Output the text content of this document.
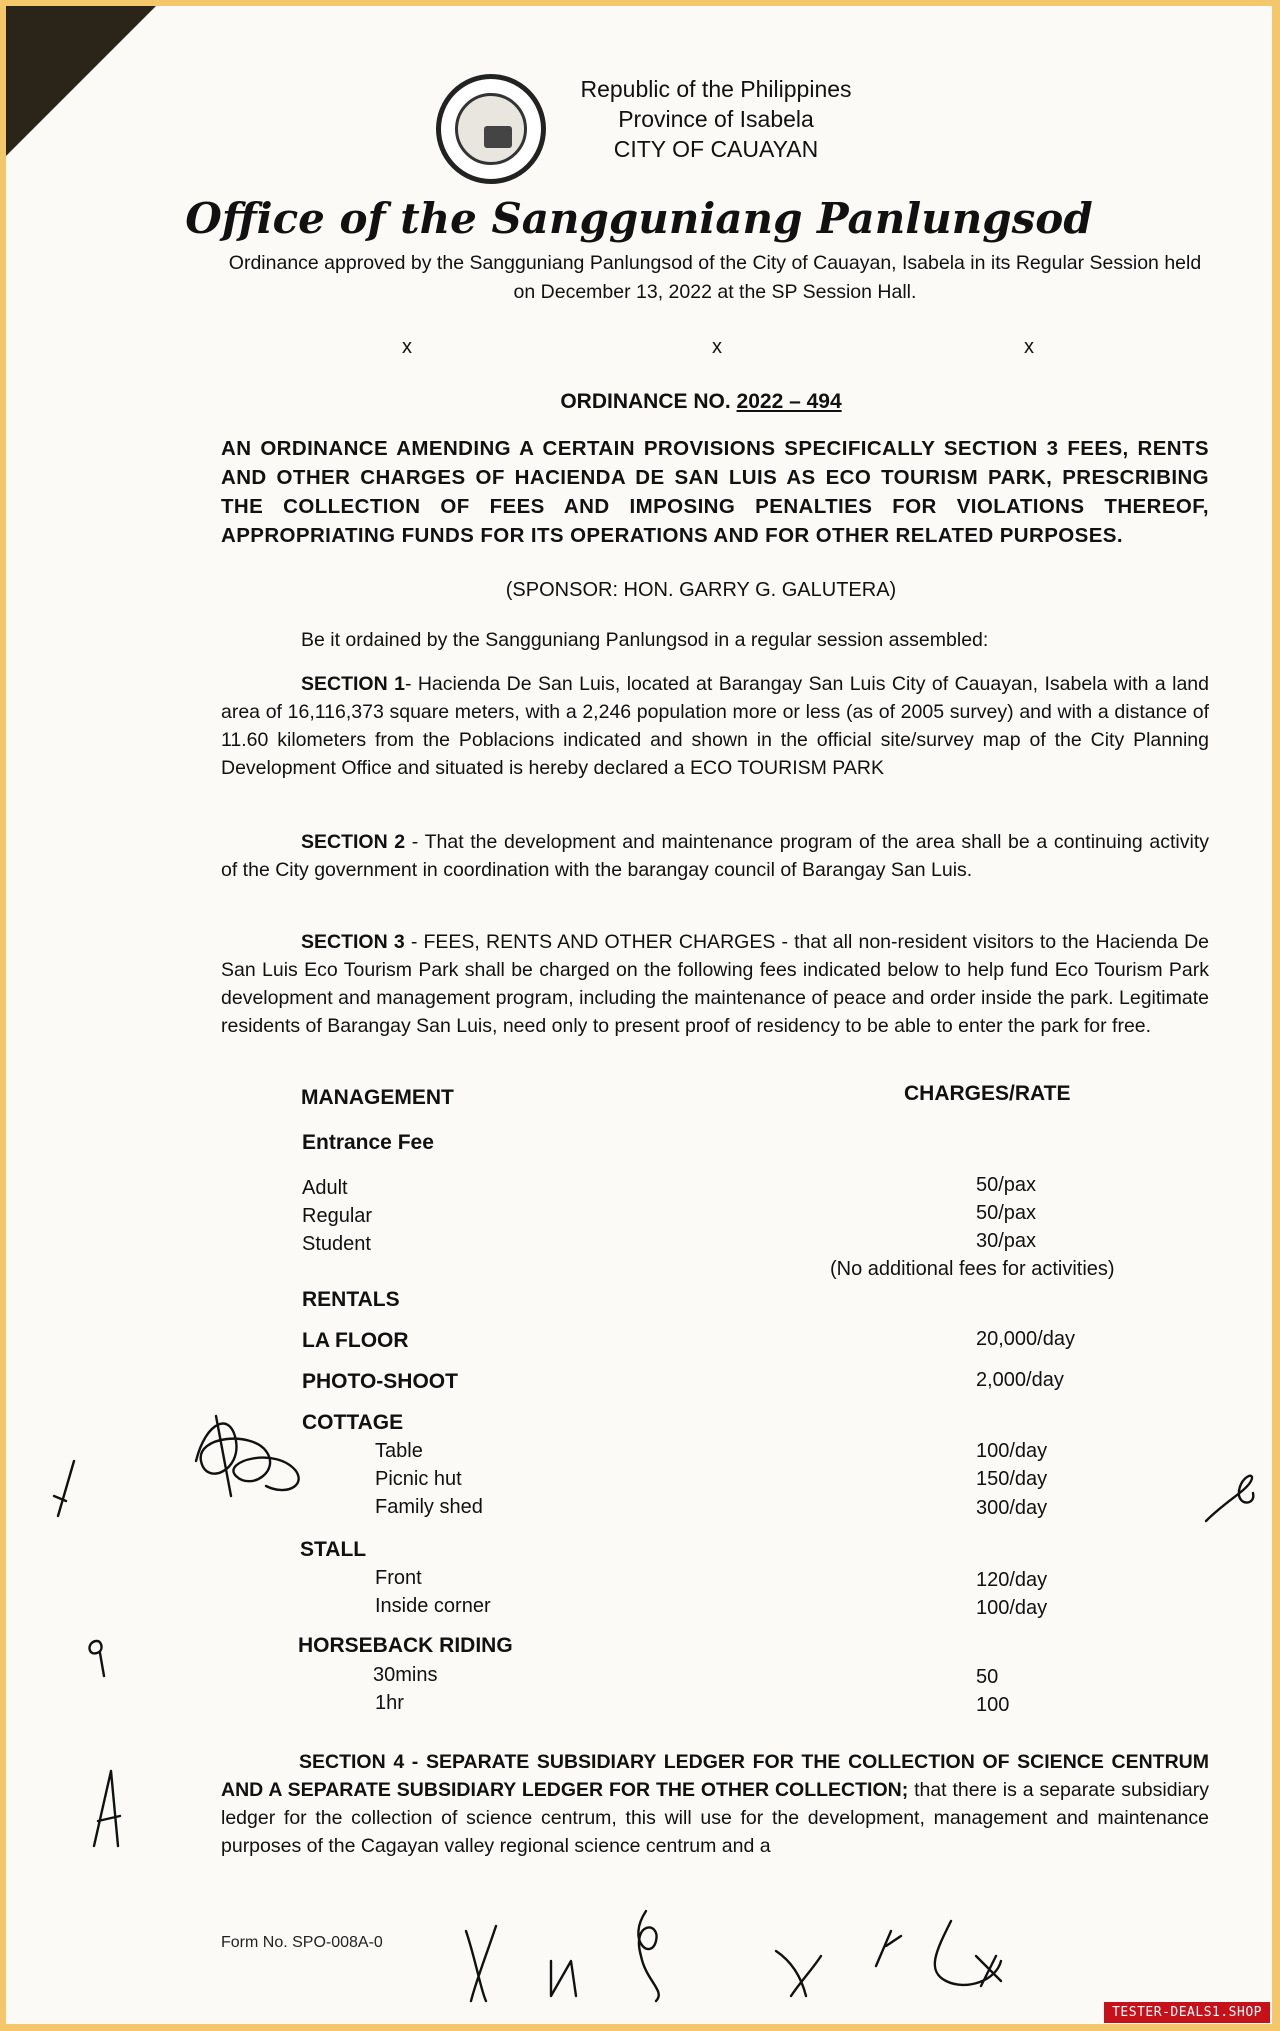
Republic of the Philippines
Province of Isabela
CITY OF CAUAYAN
Office of the Sangguniang Panlungsod
Ordinance approved by the Sangguniang Panlungsod of the City of Cauayan, Isabela in its Regular Session held on December 13, 2022 at the SP Session Hall.
x	x	x
ORDINANCE NO. 2022 – 494
AN ORDINANCE AMENDING A CERTAIN PROVISIONS SPECIFICALLY SECTION 3 FEES, RENTS AND OTHER CHARGES OF HACIENDA DE SAN LUIS AS ECO TOURISM PARK, PRESCRIBING THE COLLECTION OF FEES AND IMPOSING PENALTIES FOR VIOLATIONS THEREOF, APPROPRIATING FUNDS FOR ITS OPERATIONS AND FOR OTHER RELATED PURPOSES.
(SPONSOR: HON. GARRY G. GALUTERA)
Be it ordained by the Sangguniang Panlungsod in a regular session assembled:
SECTION 1- Hacienda De San Luis, located at Barangay San Luis City of Cauayan, Isabela with a land area of 16,116,373 square meters, with a 2,246 population more or less (as of 2005 survey) and with a distance of 11.60 kilometers from the Poblacions indicated and shown in the official site/survey map of the City Planning Development Office and situated is hereby declared a ECO TOURISM PARK
SECTION 2 - That the development and maintenance program of the area shall be a continuing activity of the City government in coordination with the barangay council of Barangay San Luis.
SECTION 3 - FEES, RENTS AND OTHER CHARGES - that all non-resident visitors to the Hacienda De San Luis Eco Tourism Park shall be charged on the following fees indicated below to help fund Eco Tourism Park development and management program, including the maintenance of peace and order inside the park. Legitimate residents of Barangay San Luis, need only to present proof of residency to be able to enter the park for free.
MANAGEMENT	CHARGES/RATE
Entrance Fee
Adult	50/pax
Regular	50/pax
Student	30/pax
(No additional fees for activities)
RENTALS
LA FLOOR	20,000/day
PHOTO-SHOOT	2,000/day
COTTAGE
Table	100/day
Picnic hut	150/day
Family shed	300/day
STALL
Front	120/day
Inside corner	100/day
HORSEBACK RIDING
30mins	50
1hr	100
SECTION 4 - SEPARATE SUBSIDIARY LEDGER FOR THE COLLECTION OF SCIENCE CENTRUM AND A SEPARATE SUBSIDIARY LEDGER FOR THE OTHER COLLECTION; that there is a separate subsidiary ledger for the collection of science centrum, this will use for the development, management and maintenance purposes of the Cagayan valley regional science centrum and a
Form No. SPO-008A-0
TESTER-DEALS1.SHOP
